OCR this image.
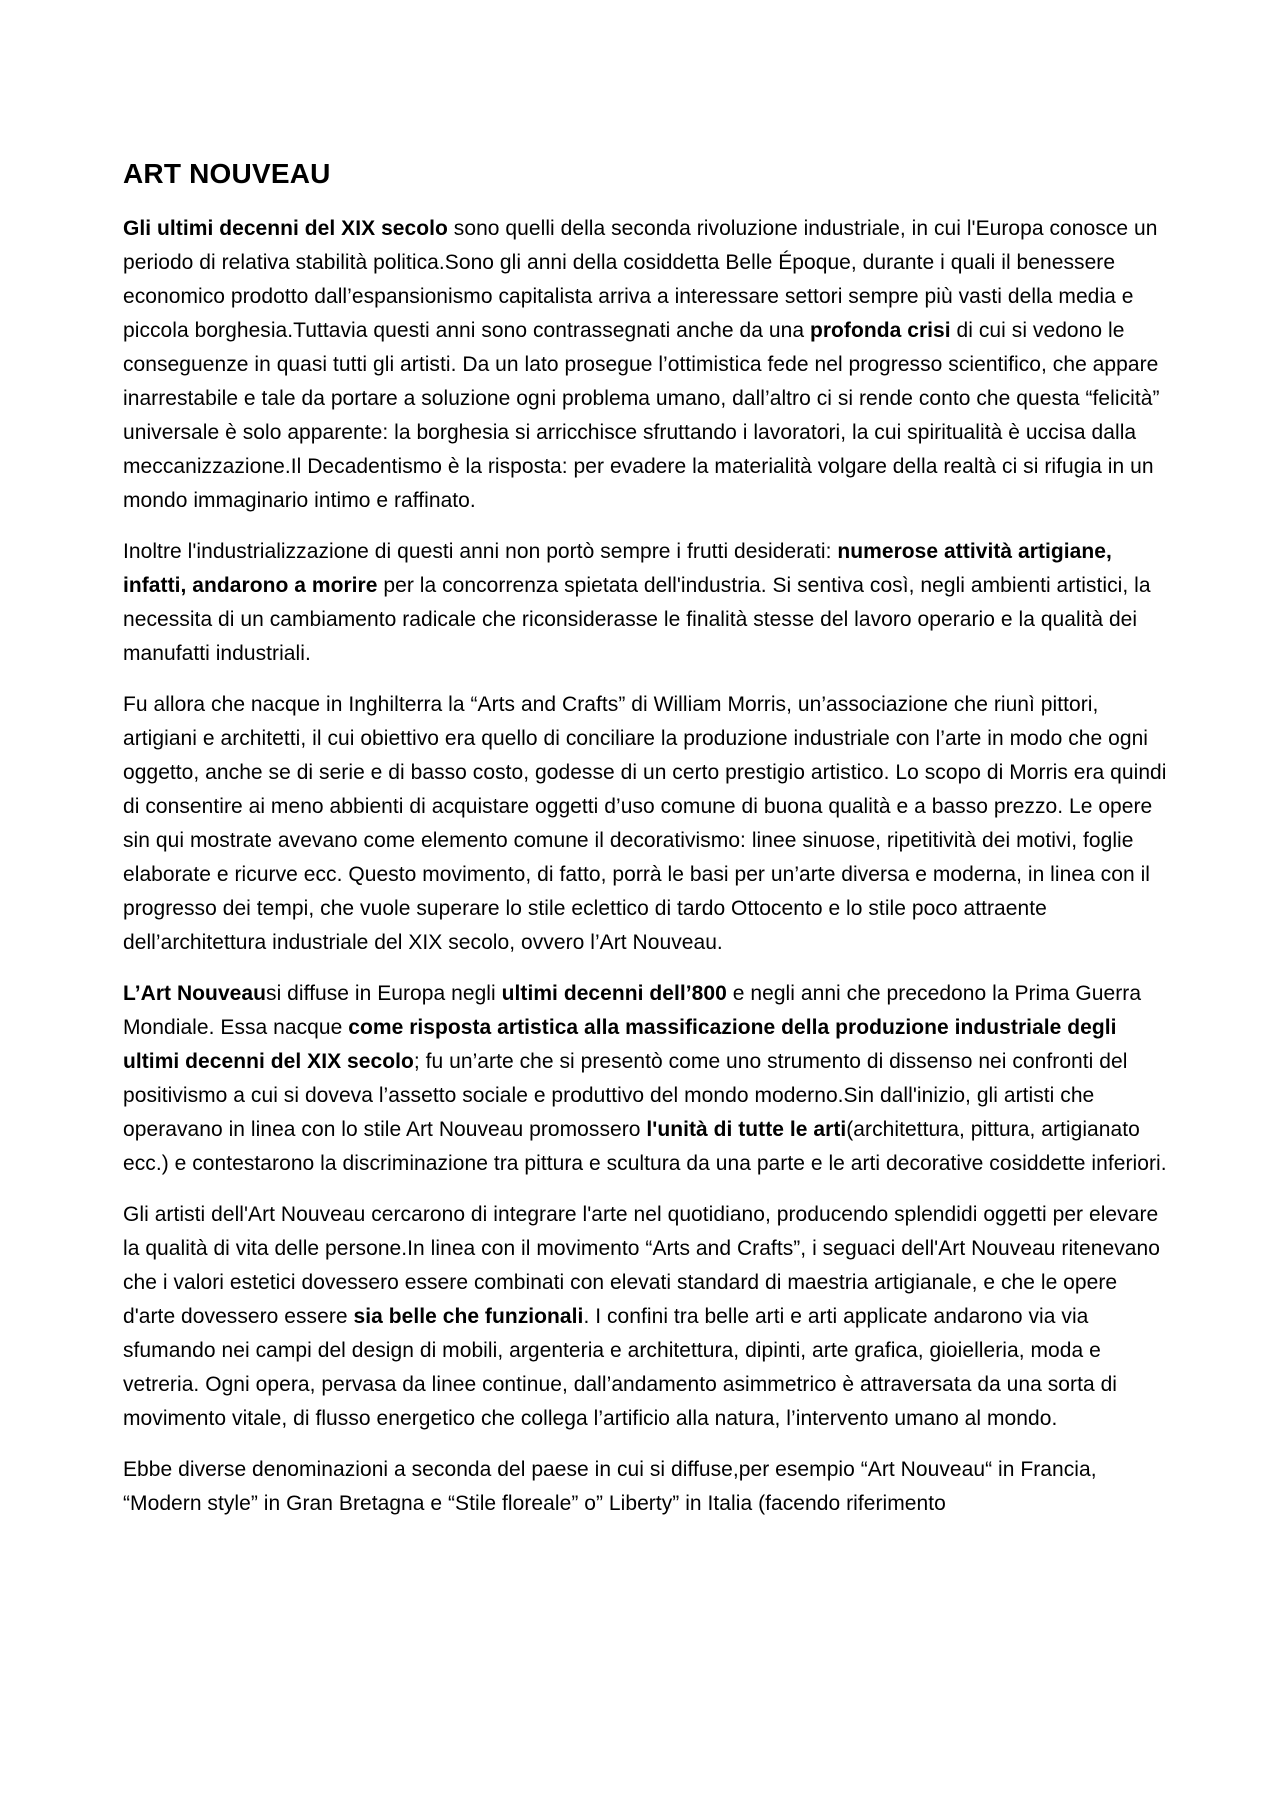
ART NOUVEAU

Gli ultimi decenni del XIX secolo sono quelli della seconda rivoluzione industriale, in cui l'Europa conosce un periodo di relativa stabilità politica.Sono gli anni della cosiddetta Belle Époque, durante i quali il benessere economico prodotto dall’espansionismo capitalista arriva a interessare settori sempre più vasti della media e piccola borghesia.Tuttavia questi anni sono contrassegnati anche da una profonda crisi di cui si vedono le conseguenze in quasi tutti gli artisti. Da un lato prosegue l’ottimistica fede nel progresso scientifico, che appare inarrestabile e tale da portare a soluzione ogni problema umano, dall’altro ci si rende conto che questa “felicità” universale è solo apparente: la borghesia si arricchisce sfruttando i lavoratori, la cui spiritualità è uccisa dalla meccanizzazione.Il Decadentismo è la risposta: per evadere la materialità volgare della realtà ci si rifugia in un mondo immaginario intimo e raffinato.

Inoltre l'industrializzazione di questi anni non portò sempre i frutti desiderati: numerose attività artigiane, infatti, andarono a morire per la concorrenza spietata dell'industria. Si sentiva così, negli ambienti artistici, la necessita di un cambiamento radicale che riconsiderasse le finalità stesse del lavoro operario e la qualità dei manufatti industriali.

Fu allora che nacque in Inghilterra la “Arts and Crafts” di William Morris, un’associazione che riunì pittori, artigiani e architetti, il cui obiettivo era quello di conciliare la produzione industriale con l’arte in modo che ogni oggetto, anche se di serie e di basso costo, godesse di un certo prestigio artistico. Lo scopo di Morris era quindi di consentire ai meno abbienti di acquistare oggetti d’uso comune di buona qualità e a basso prezzo. Le opere sin qui mostrate avevano come elemento comune il decorativismo: linee sinuose, ripetitività dei motivi, foglie elaborate e ricurve ecc. Questo movimento, di fatto, porrà le basi per un’arte diversa e moderna, in linea con il progresso dei tempi, che vuole superare lo stile eclettico di tardo Ottocento e lo stile poco attraente dell’architettura industriale del XIX secolo, ovvero l’Art Nouveau.

L’Art Nouveausi diffuse in Europa negli ultimi decenni dell’800 e negli anni che precedono la Prima Guerra Mondiale. Essa nacque come risposta artistica alla massificazione della produzione industriale degli ultimi decenni del XIX secolo; fu un’arte che si presentò come uno strumento di dissenso nei confronti del positivismo a cui si doveva l’assetto sociale e produttivo del mondo moderno.Sin dall'inizio, gli artisti che operavano in linea con lo stile Art Nouveau promossero l'unità di tutte le arti(architettura, pittura, artigianato ecc.) e contestarono la discriminazione tra pittura e scultura da una parte e le arti decorative cosiddette inferiori.

Gli artisti dell'Art Nouveau cercarono di integrare l'arte nel quotidiano, producendo splendidi oggetti per elevare la qualità di vita delle persone.In linea con il movimento “Arts and Crafts”, i seguaci dell'Art Nouveau ritenevano che i valori estetici dovessero essere combinati con elevati standard di maestria artigianale, e che le opere d'arte dovessero essere sia belle che funzionali. I confini tra belle arti e arti applicate andarono via via sfumando nei campi del design di mobili, argenteria e architettura, dipinti, arte grafica, gioielleria, moda e vetreria. Ogni opera, pervasa da linee continue, dall’andamento asimmetrico è attraversata da una sorta di movimento vitale, di flusso energetico che collega l’artificio alla natura, l’intervento umano al mondo.

Ebbe diverse denominazioni a seconda del paese in cui si diffuse,per esempio “Art Nouveau“ in Francia, “Modern style” in Gran Bretagna e “Stile floreale” o” Liberty” in Italia (facendo riferimento
